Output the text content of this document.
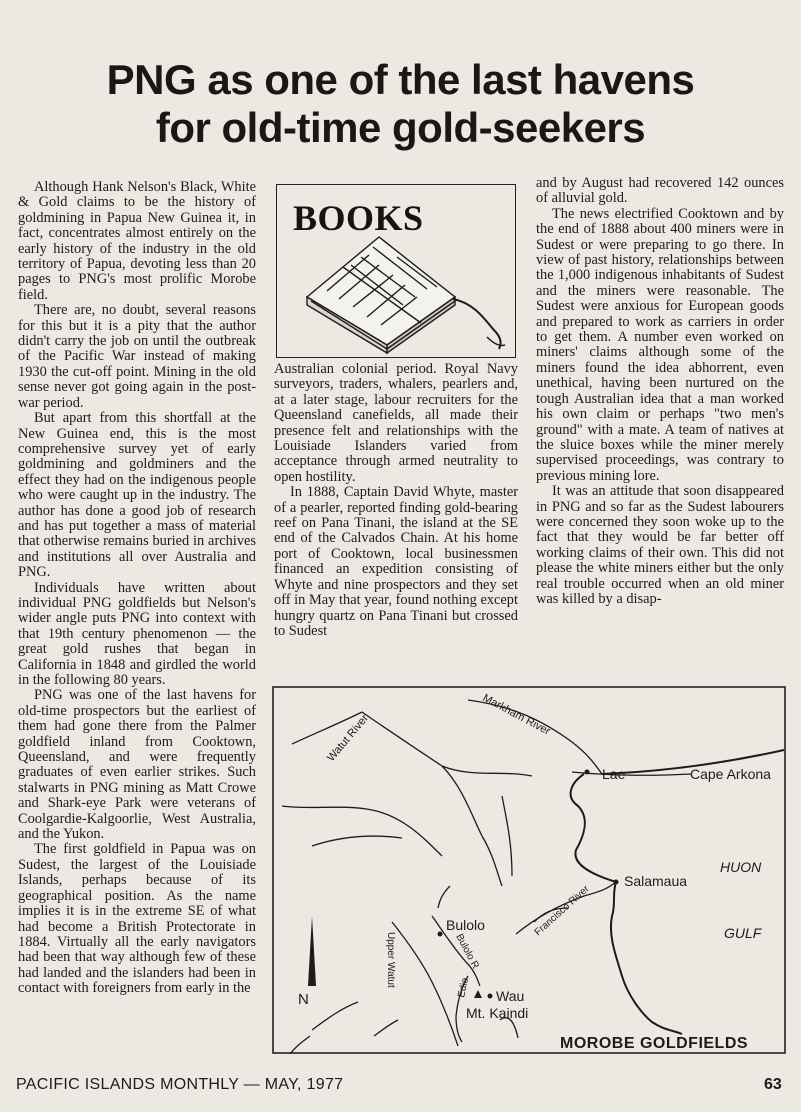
PNG as one of the last havens
for old-time gold-seekers

Although Hank Nelson's Black, White & Gold claims to be the history of goldmining in Papua New Guinea it, in fact, concentrates almost entirely on the early history of the industry in the old territory of Papua, devoting less than 20 pages to PNG's most prolific Morobe field.

There are, no doubt, several reasons for this but it is a pity that the author didn't carry the job on until the outbreak of the Pacific War instead of making 1930 the cut-off point. Mining in the old sense never got going again in the post-war period.

But apart from this shortfall at the New Guinea end, this is the most comprehensive survey yet of early goldmining and goldminers and the effect they had on the indigenous people who were caught up in the industry. The author has done a good job of research and has put together a mass of material that otherwise remains buried in archives and institutions all over Australia and PNG.

Individuals have written about individual PNG goldfields but Nelson's wider angle puts PNG into context with that 19th century phenomenon — the great gold rushes that began in California in 1848 and girdled the world in the following 80 years.

PNG was one of the last havens for old-time prospectors but the earliest of them had gone there from the Palmer goldfield inland from Cooktown, Queensland, and were frequently graduates of even earlier strikes. Such stalwarts in PNG mining as Matt Crowe and Shark-eye Park were veterans of Coolgardie-Kalgoorlie, West Australia, and the Yukon.

The first goldfield in Papua was on Sudest, the largest of the Louisiade Islands, perhaps because of its geographical position. As the name implies it is in the extreme SE of what had become a British Protectorate in 1884. Virtually all the early navigators had been that way although few of these had landed and the islanders had been in contact with foreigners from early in the

BOOKS

Australian colonial period. Royal Navy surveyors, traders, whalers, pearlers and, at a later stage, labour recruiters for the Queensland canefields, all made their presence felt and relationships with the Louisiade Islanders varied from acceptance through armed neutrality to open hostility.

In 1888, Captain David Whyte, master of a pearler, reported finding gold-bearing reef on Pana Tinani, the island at the SE end of the Calvados Chain. At his home port of Cooktown, local businessmen financed an expedition consisting of Whyte and nine prospectors and they set off in May that year, found nothing except hungry quartz on Pana Tinani but crossed to Sudest

and by August had recovered 142 ounces of alluvial gold.

The news electrified Cooktown and by the end of 1888 about 400 miners were in Sudest or were preparing to go there. In view of past history, relationships between the 1,000 indigenous inhabitants of Sudest and the miners were reasonable. The Sudest were anxious for European goods and prepared to work as carriers in order to get them. A number even worked on miners' claims although some of the miners found the idea abhorrent, even unethical, having been nurtured on the tough Australian idea that a man worked his own claim or perhaps "two men's ground" with a mate. A team of natives at the sluice boxes while the miner merely supervised proceedings, was contrary to previous mining lore.

It was an attitude that soon disappeared in PNG and so far as the Sudest labourers were concerned they soon woke up to the fact that they would be far better off working claims of their own. This did not please the white miners either but the only real trouble occurred when an old miner was killed by a disap-

N
Lae	Cape Arkona
Salamaua
Bulolo
Wau
Mt. Kaindi
HUON
GULF
MOROBE GOLDFIELDS
Markham River
Watut River
Francisco River
Bulolo R
Upper Watut	Edie
PACIFIC ISLANDS MONTHLY — MAY, 1977	63
